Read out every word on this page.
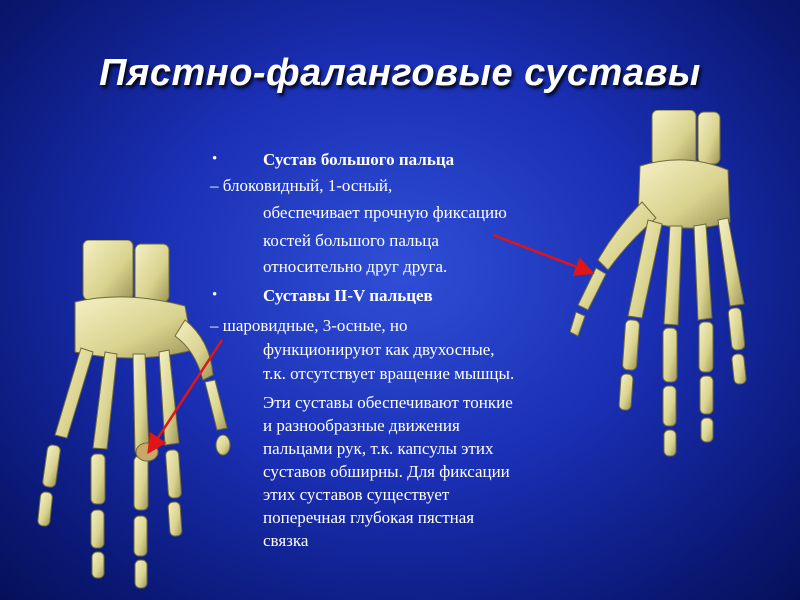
Пястно-фаланговые суставы
•	Сустав большого пальца
– блоковидный, 1-осный,
обеспечивает прочную фиксацию
костей большого пальца
относительно друг друга.
•	Суставы II-V пальцев
– шаровидные, 3-осные, но
функционируют как двухосные,
т.к. отсутствует вращение мышцы.
Эти суставы обеспечивают тонкие
и разнообразные движения
пальцами рук, т.к. капсулы этих
суставов обширны. Для фиксации
этих суставов существует
поперечная глубокая пястная
связка
